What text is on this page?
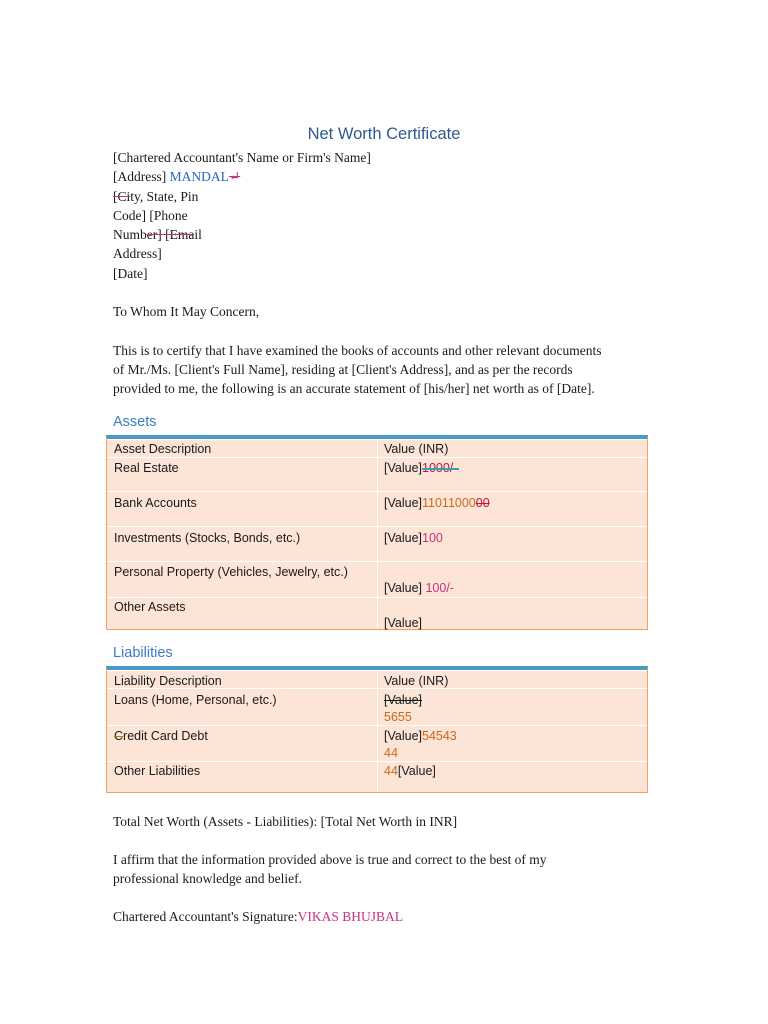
Net Worth Certificate
[Chartered Accountant's Name or Firm's Name]
[Address] MANDAL↵
[City, State, Pin
Code] [Phone
Number] [Email
Address]
[Date]
To Whom It May Concern,
This is to certify that I have examined the books of accounts and other relevant documents
of Mr./Ms. [Client's Full Name], residing at [Client's Address], and as per the records
provided to me, the following is an accurate statement of [his/her] net worth as of [Date].
Assets
Asset Description	Value (INR)
Real Estate	[Value]1000/-
Bank Accounts	[Value]1101100000
Investments (Stocks, Bonds, etc.)	[Value]100
Personal Property (Vehicles, Jewelry, etc.)
[Value] 100/-
Other Assets
[Value]
Liabilities
Liability Description	Value (INR)
Loans (Home, Personal, etc.)	[Value]
5655
Credit Card Debt	[Value]54543
44
Other Liabilities	44[Value]
Total Net Worth (Assets - Liabilities): [Total Net Worth in INR]
I affirm that the information provided above is true and correct to the best of my
professional knowledge and belief.
Chartered Accountant's Signature:VIKAS BHUJBAL
